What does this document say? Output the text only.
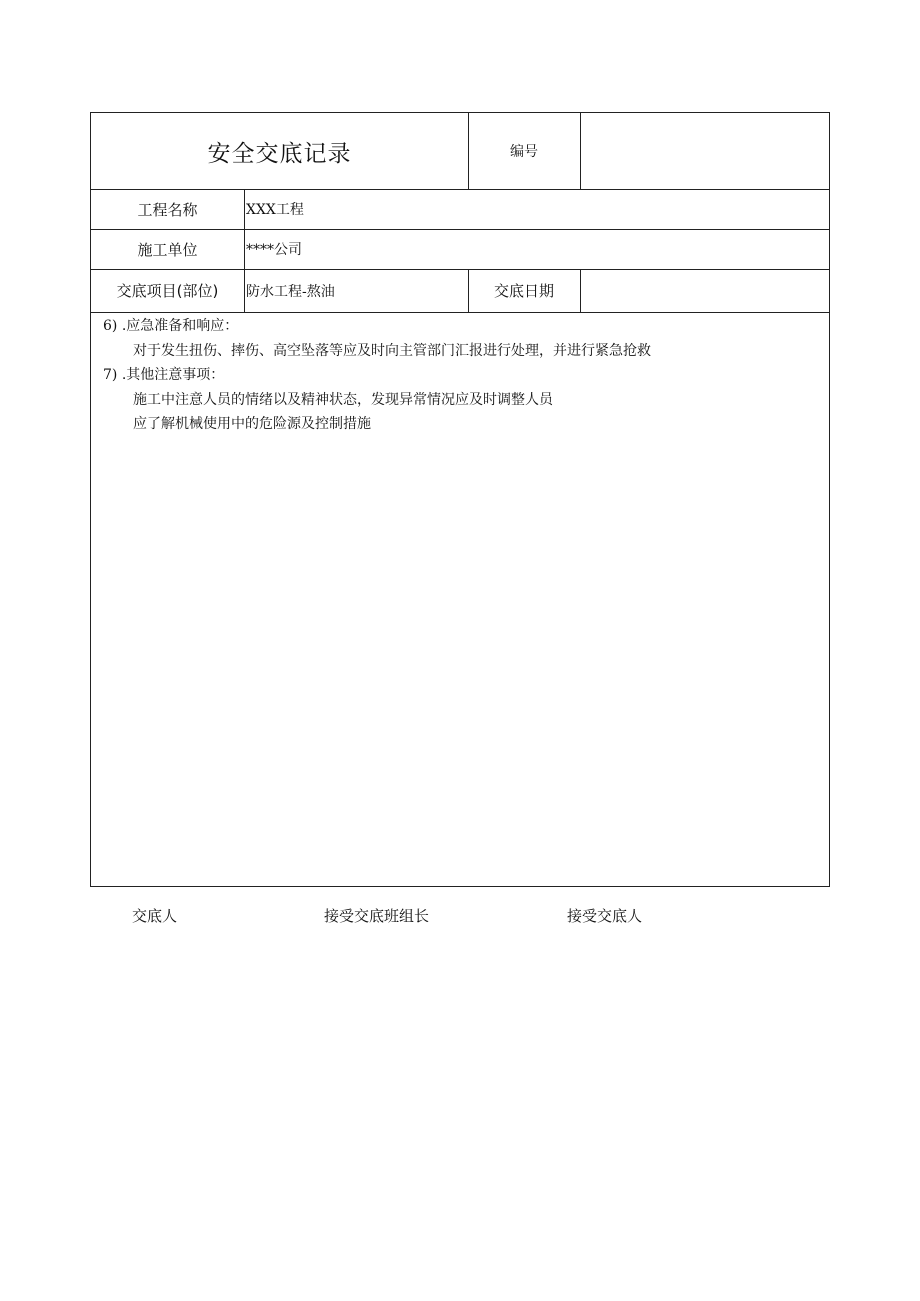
安全交底记录	编号
工程名称	XXX工程
施工单位	****公司
交底项目(部位)	防水工程-熬油	交底日期
6) .应急准备和响应：
对于发生扭伤、摔伤、高空坠落等应及时向主管部门汇报进行处理，并进行紧急抢救
7) .其他注意事项：
施工中注意人员的情绪以及精神状态，发现异常情况应及时调整人员
应了解机械使用中的危险源及控制措施
交底人	接受交底班组长	接受交底人
